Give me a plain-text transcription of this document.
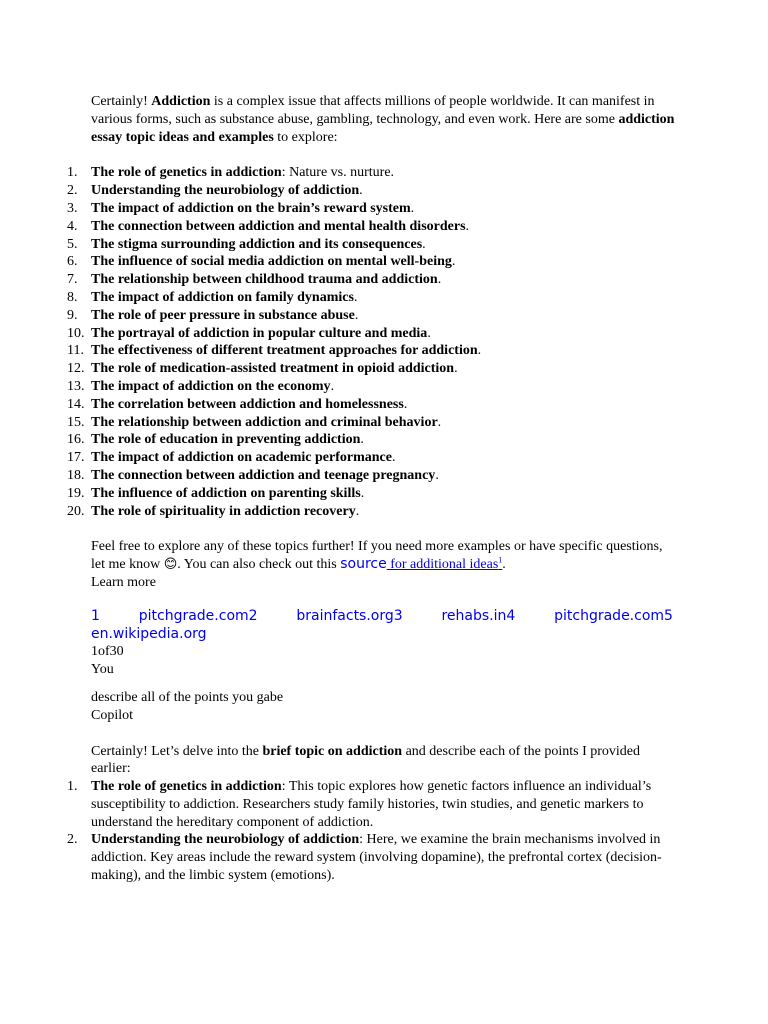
Certainly! Addiction is a complex issue that affects millions of people worldwide. It can manifest in various forms, such as substance abuse, gambling, technology, and even work. Here are some addiction essay topic ideas and examples to explore:

1. The role of genetics in addiction: Nature vs. nurture.
2. Understanding the neurobiology of addiction.
3. The impact of addiction on the brain’s reward system.
4. The connection between addiction and mental health disorders.
5. The stigma surrounding addiction and its consequences.
6. The influence of social media addiction on mental well-being.
7. The relationship between childhood trauma and addiction.
8. The impact of addiction on family dynamics.
9. The role of peer pressure in substance abuse.
10. The portrayal of addiction in popular culture and media.
11. The effectiveness of different treatment approaches for addiction.
12. The role of medication-assisted treatment in opioid addiction.
13. The impact of addiction on the economy.
14. The correlation between addiction and homelessness.
15. The relationship between addiction and criminal behavior.
16. The role of education in preventing addiction.
17. The impact of addiction on academic performance.
18. The connection between addiction and teenage pregnancy.
19. The influence of addiction on parenting skills.
20. The role of spirituality in addiction recovery.

Feel free to explore any of these topics further! If you need more examples or have specific questions, let me know 😊. You can also check out this source for additional ideas$^1$.

Learn more

1	pitchgrade.com2	brainfacts.org3	rehabs.in4	pitchgrade.com5
en.wikipedia.org

1of30

You

describe all of the points you gabe

Copilot

Certainly! Let’s delve into the brief topic on addiction and describe each of the points I provided earlier:

1. The role of genetics in addiction: This topic explores how genetic factors influence an individual’s susceptibility to addiction. Researchers study family histories, twin studies, and genetic markers to understand the hereditary component of addiction.
2. Understanding the neurobiology of addiction: Here, we examine the brain mechanisms involved in addiction. Key areas include the reward system (involving dopamine), the prefrontal cortex (decision-making), and the limbic system (emotions).
